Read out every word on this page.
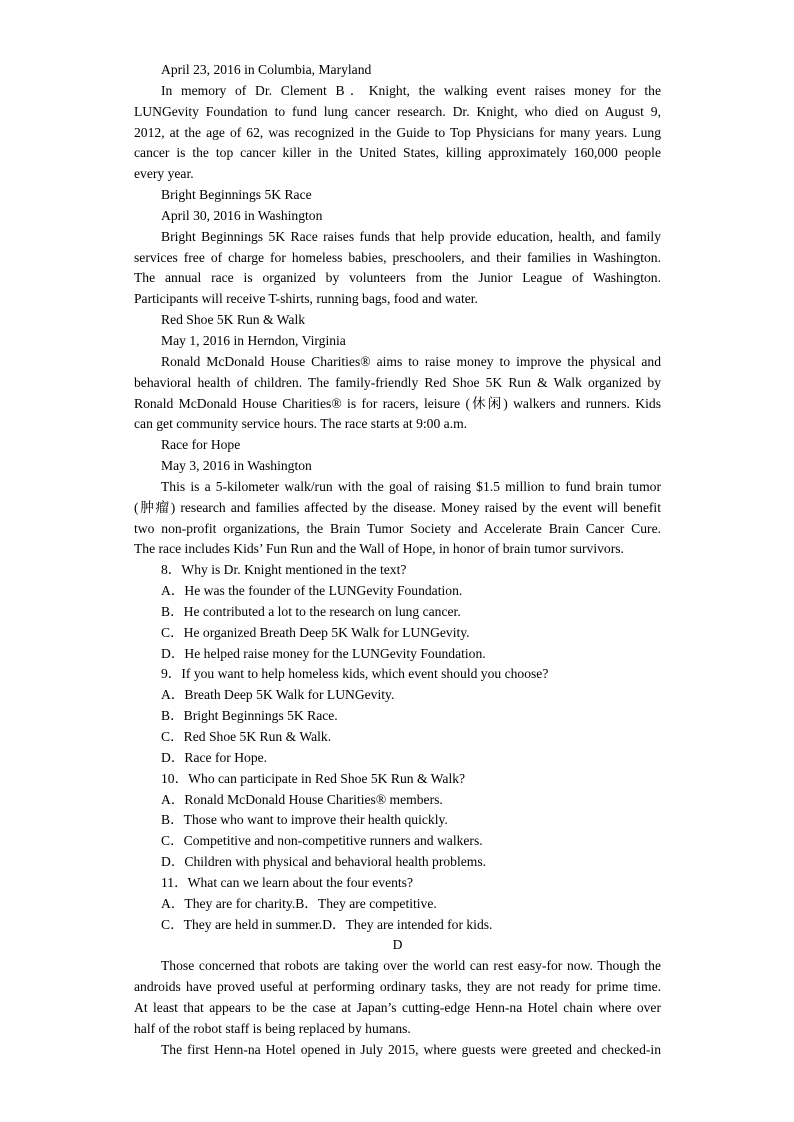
April 23, 2016 in Columbia, Maryland
In memory of Dr. Clement B．Knight, the walking event raises money for the
LUNGevity Foundation to fund lung cancer research. Dr. Knight, who died on August 9,
2012, at the age of 62, was recognized in the Guide to Top Physicians for many years. Lung
cancer is the top cancer killer in the United States, killing approximately 160,000 people
every year.
Bright Beginnings 5K Race
April 30, 2016 in Washington
Bright Beginnings 5K Race raises funds that help provide education, health, and family
services free of charge for homeless babies, preschoolers, and their families in Washington.
The annual race is organized by volunteers from the Junior League of Washington.
Participants will receive T-shirts, running bags, food and water.
Red Shoe 5K Run & Walk
May 1, 2016 in Herndon, Virginia
Ronald McDonald House Charities® aims to raise money to improve the physical and
behavioral health of children. The family-friendly Red Shoe 5K Run & Walk organized by
Ronald McDonald House Charities® is for racers, leisure (休闲) walkers and runners. Kids
can get community service hours. The race starts at 9:00 a.m.
Race for Hope
May 3, 2016 in Washington
This is a 5-kilometer walk/run with the goal of raising $1.5 million to fund brain tumor
(肿瘤) research and families affected by the disease. Money raised by the event will benefit
two non-profit organizations, the Brain Tumor Society and Accelerate Brain Cancer Cure.
The race includes Kids’ Fun Run and the Wall of Hope, in honor of brain tumor survivors.
8．Why is Dr. Knight mentioned in the text?
A．He was the founder of the LUNGevity Foundation.
B．He contributed a lot to the research on lung cancer.
C．He organized Breath Deep 5K Walk for LUNGevity.
D．He helped raise money for the LUNGevity Foundation.
9．If you want to help homeless kids, which event should you choose?
A．Breath Deep 5K Walk for LUNGevity.
B．Bright Beginnings 5K Race.
C．Red Shoe 5K Run & Walk.
D．Race for Hope.
10．Who can participate in Red Shoe 5K Run & Walk?
A．Ronald McDonald House Charities® members.
B．Those who want to improve their health quickly.
C．Competitive and non-competitive runners and walkers.
D．Children with physical and behavioral health problems.
11．What can we learn about the four events?
A．They are for charity.B．They are competitive.
C．They are held in summer.D．They are intended for kids.
D
Those concerned that robots are taking over the world can rest easy-for now. Though the
androids have proved useful at performing ordinary tasks, they are not ready for prime time.
At least that appears to be the case at Japan’s cutting-edge Henn-na Hotel chain where over
half of the robot staff is being replaced by humans.
The first Henn-na Hotel opened in July 2015, where guests were greeted and checked-in
